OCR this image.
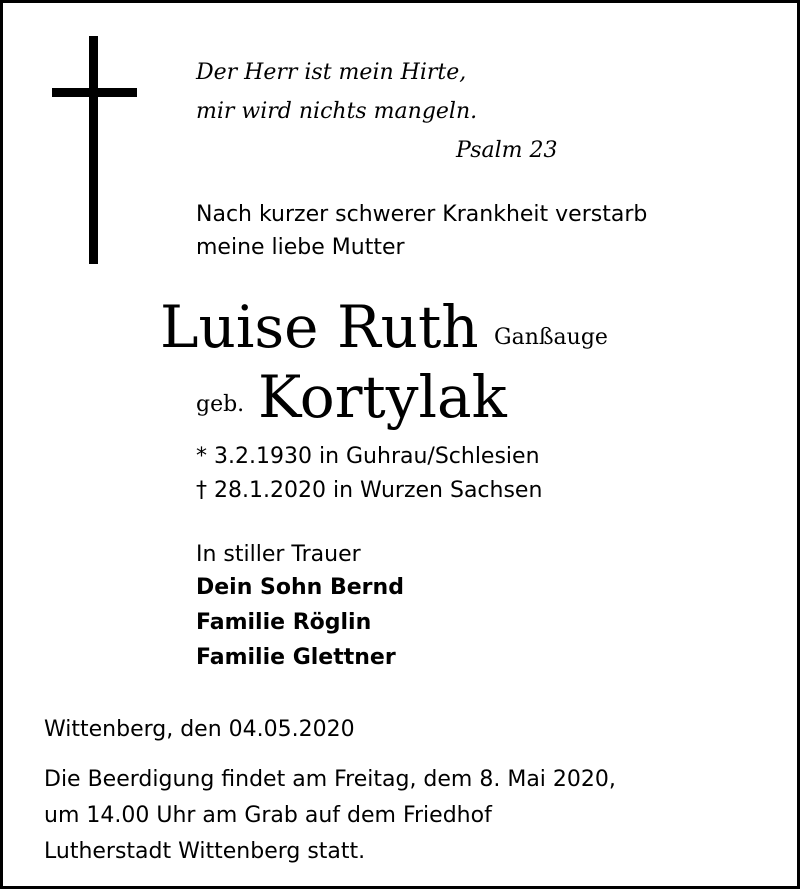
Der Herr ist mein Hirte,
mir wird nichts mangeln.
Psalm 23
Nach kurzer schwerer Krankheit verstarb
meine liebe Mutter
Luise Ruth Ganßauge
geb. Kortylak
* 3.2.1930 in Guhrau/Schlesien
† 28.1.2020 in Wurzen Sachsen
In stiller Trauer
Dein Sohn Bernd
Familie Röglin
Familie Glettner
Wittenberg, den 04.05.2020
Die Beerdigung findet am Freitag, dem 8. Mai 2020,
um 14.00 Uhr am Grab auf dem Friedhof
Lutherstadt Wittenberg statt.
